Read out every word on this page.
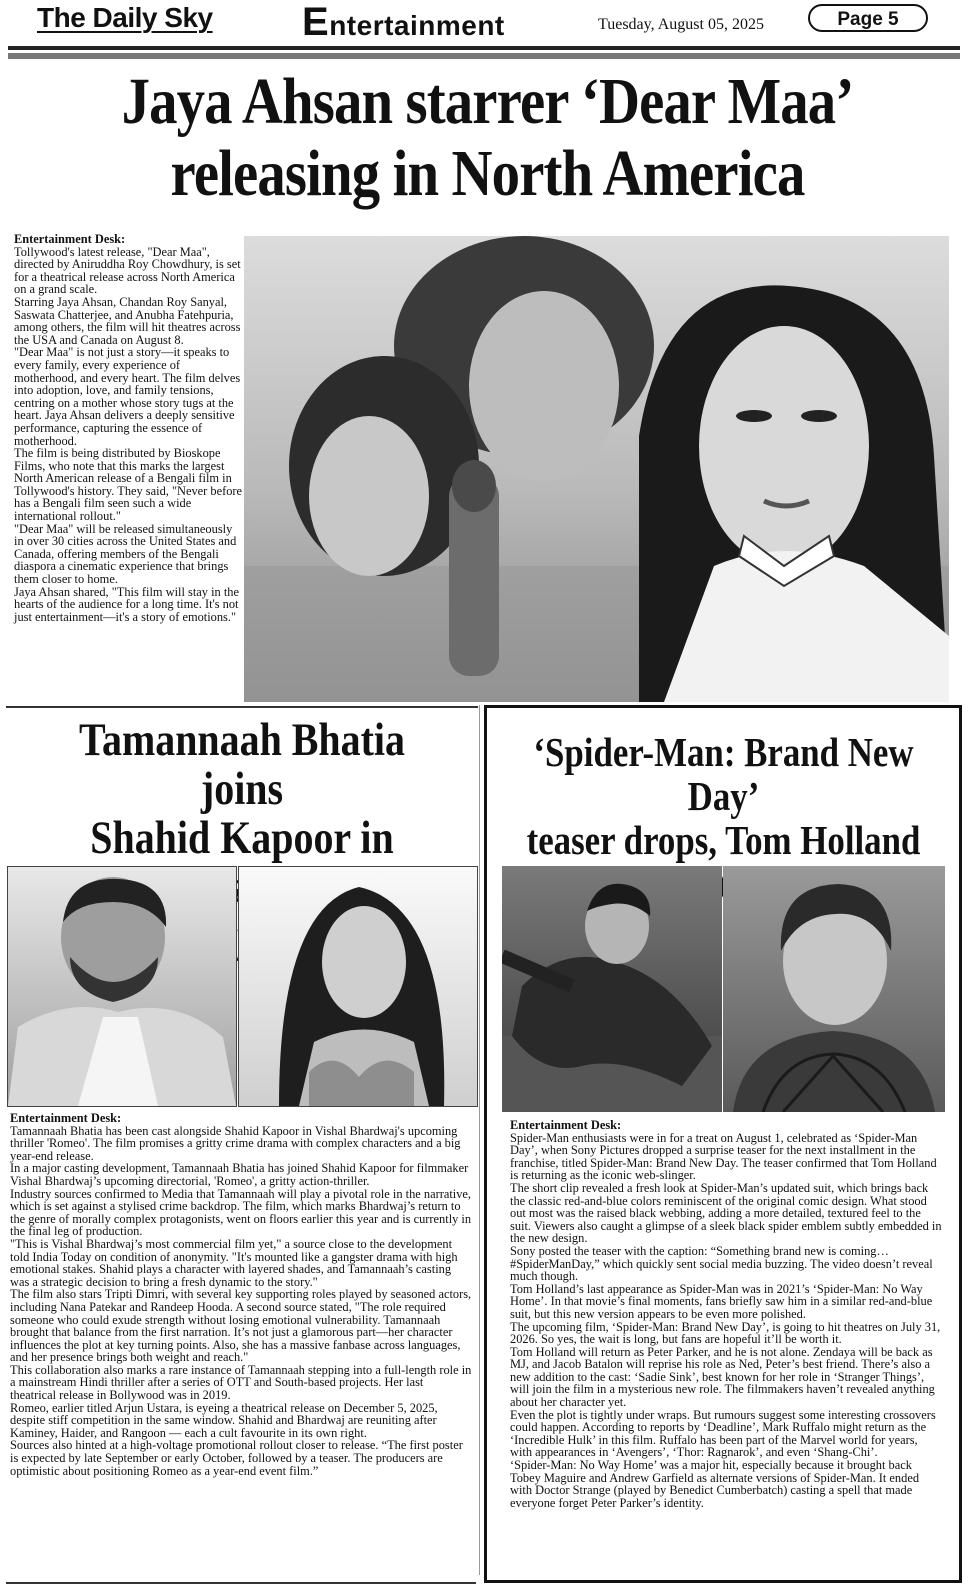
The Daily Sky Entertainment	Tuesday, August 05, 2025	Page 5
Jaya Ahsan starrer ‘Dear Maa’
releasing in North America

Entertainment Desk:

Tollywood's latest release, "Dear Maa", directed by Aniruddha Roy Chowdhury, is set for a theatrical release across North America on a grand scale.

Starring Jaya Ahsan, Chandan Roy Sanyal, Saswata Chatterjee, and Anubha Fatehpuria, among others, the film will hit theatres across the USA and Canada on August 8.

"Dear Maa" is not just a story—it speaks to every family, every experience of motherhood, and every heart. The film delves into adoption, love, and family tensions, centring on a mother whose story tugs at the heart. Jaya Ahsan delivers a deeply sensitive performance, capturing the essence of motherhood.

The film is being distributed by Bioskope Films, who note that this marks the largest North American release of a Bengali film in Tollywood's history. They said, "Never before has a Bengali film seen such a wide international rollout."

"Dear Maa" will be released simultaneously in over 30 cities across the United States and Canada, offering members of the Bengali diaspora a cinematic experience that brings them closer to home.

Jaya Ahsan shared, "This film will stay in the hearts of the audience for a long time. It's not just entertainment—it's a story of emotions."

Tamannaah Bhatia joins
Shahid Kapoor in

Entertainment Desk:

Tamannaah Bhatia has been cast alongside Shahid Kapoor in Vishal Bhardwaj's upcoming thriller 'Romeo'. The film promises a gritty crime drama with complex characters and a big year-end release.

In a major casting development, Tamannaah Bhatia has joined Shahid Kapoor for filmmaker Vishal Bhardwaj’s upcoming directorial, 'Romeo', a gritty action-thriller.

Industry sources confirmed to Media that Tamannaah will play a pivotal role in the narrative, which is set against a stylised crime backdrop. The film, which marks Bhardwaj’s return to the genre of morally complex protagonists, went on floors earlier this year and is currently in the final leg of production.

"This is Vishal Bhardwaj’s most commercial film yet," a source close to the development told India Today on condition of anonymity. "It's mounted like a gangster drama with high emotional stakes. Shahid plays a character with layered shades, and Tamannaah’s casting was a strategic decision to bring a fresh dynamic to the story."

The film also stars Tripti Dimri, with several key supporting roles played by seasoned actors, including Nana Patekar and Randeep Hooda. A second source stated, "The role required someone who could exude strength without losing emotional vulnerability. Tamannaah brought that balance from the first narration. It’s not just a glamorous part—her character influences the plot at key turning points. Also, she has a massive fanbase across languages, and her presence brings both weight and reach."

This collaboration also marks a rare instance of Tamannaah stepping into a full-length role in a mainstream Hindi thriller after a series of OTT and South-based projects. Her last theatrical release in Bollywood was in 2019.

Romeo, earlier titled Arjun Ustara, is eyeing a theatrical release on December 5, 2025, despite stiff competition in the same window. Shahid and Bhardwaj are reuniting after Kaminey, Haider, and Rangoon — each a cult favourite in its own right.

Sources also hinted at a high-voltage promotional rollout closer to release. “The first poster is expected by late September or early October, followed by a teaser. The producers are optimistic about positioning Romeo as a year-end event film.”

‘Spider-Man: Brand New Day’
teaser drops, Tom Holland

Entertainment Desk:

Spider-Man enthusiasts were in for a treat on August 1, celebrated as ‘Spider-Man Day’, when Sony Pictures dropped a surprise teaser for the next installment in the franchise, titled Spider-Man: Brand New Day. The teaser confirmed that Tom Holland is returning as the iconic web-slinger.

The short clip revealed a fresh look at Spider-Man’s updated suit, which brings back the classic red-and-blue colors reminiscent of the original comic design. What stood out most was the raised black webbing, adding a more detailed, textured feel to the suit. Viewers also caught a glimpse of a sleek black spider emblem subtly embedded in the new design.

Sony posted the teaser with the caption: “Something brand new is coming… #SpiderManDay,” which quickly sent social media buzzing. The video doesn’t reveal much though.

Tom Holland’s last appearance as Spider-Man was in 2021’s ‘Spider-Man: No Way Home’. In that movie’s final moments, fans briefly saw him in a similar red-and-blue suit, but this new version appears to be even more polished.

The upcoming film, ‘Spider-Man: Brand New Day’, is going to hit theatres on July 31, 2026. So yes, the wait is long, but fans are hopeful it’ll be worth it.

Tom Holland will return as Peter Parker, and he is not alone. Zendaya will be back as MJ, and Jacob Batalon will reprise his role as Ned, Peter’s best friend. There’s also a new addition to the cast: ‘Sadie Sink’, best known for her role in ‘Stranger Things’, will join the film in a mysterious new role. The filmmakers haven’t revealed anything about her character yet.

Even the plot is tightly under wraps. But rumours suggest some interesting crossovers could happen. According to reports by ‘Deadline’, Mark Ruffalo might return as the ‘Incredible Hulk’ in this film. Ruffalo has been part of the Marvel world for years, with appearances in ‘Avengers’, ‘Thor: Ragnarok’, and even ‘Shang-Chi’.

‘Spider-Man: No Way Home’ was a major hit, especially because it brought back Tobey Maguire and Andrew Garfield as alternate versions of Spider-Man. It ended with Doctor Strange (played by Benedict Cumberbatch) casting a spell that made everyone forget Peter Parker’s identity.
